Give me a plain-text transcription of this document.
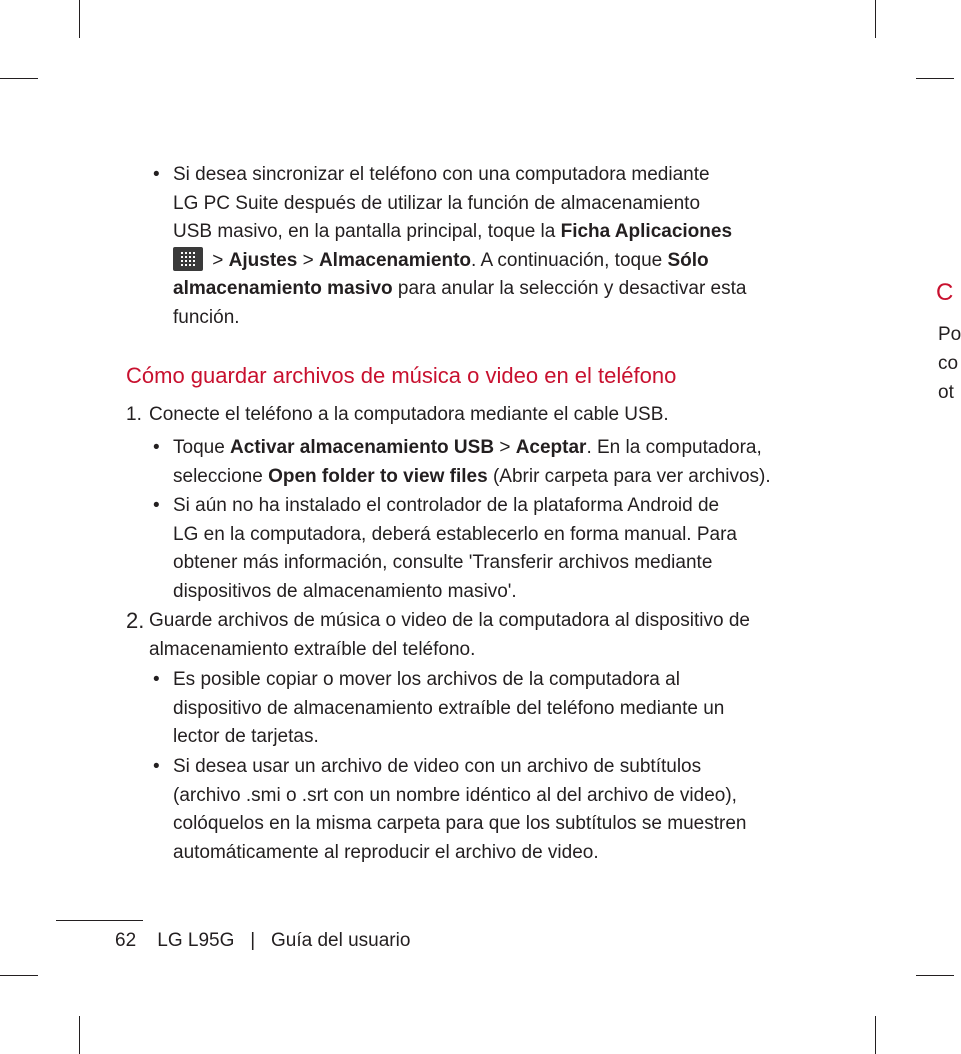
• Si desea sincronizar el teléfono con una computadora mediante
LG PC Suite después de utilizar la función de almacenamiento
USB masivo, en la pantalla principal, toque la Ficha Aplicaciones
> Ajustes > Almacenamiento. A continuación, toque Sólo
almacenamiento masivo para anular la selección y desactivar esta
función.
Cómo guardar archivos de música o video en el teléfono
1. Conecte el teléfono a la computadora mediante el cable USB.
• Toque Activar almacenamiento USB > Aceptar. En la computadora,
seleccione Open folder to view files (Abrir carpeta para ver archivos).
• Si aún no ha instalado el controlador de la plataforma Android de
LG en la computadora, deberá establecerlo en forma manual. Para
obtener más información, consulte 'Transferir archivos mediante
dispositivos de almacenamiento masivo'.
2. Guarde archivos de música o video de la computadora al dispositivo de
almacenamiento extraíble del teléfono.
• Es posible copiar o mover los archivos de la computadora al
dispositivo de almacenamiento extraíble del teléfono mediante un
lector de tarjetas.
• Si desea usar un archivo de video con un archivo de subtítulos
(archivo .smi o .srt con un nombre idéntico al del archivo de video),
colóquelos en la misma carpeta para que los subtítulos se muestren
automáticamente al reproducir el archivo de video.
C
Po
co
ot
62 LG L95G | Guía del usuario
